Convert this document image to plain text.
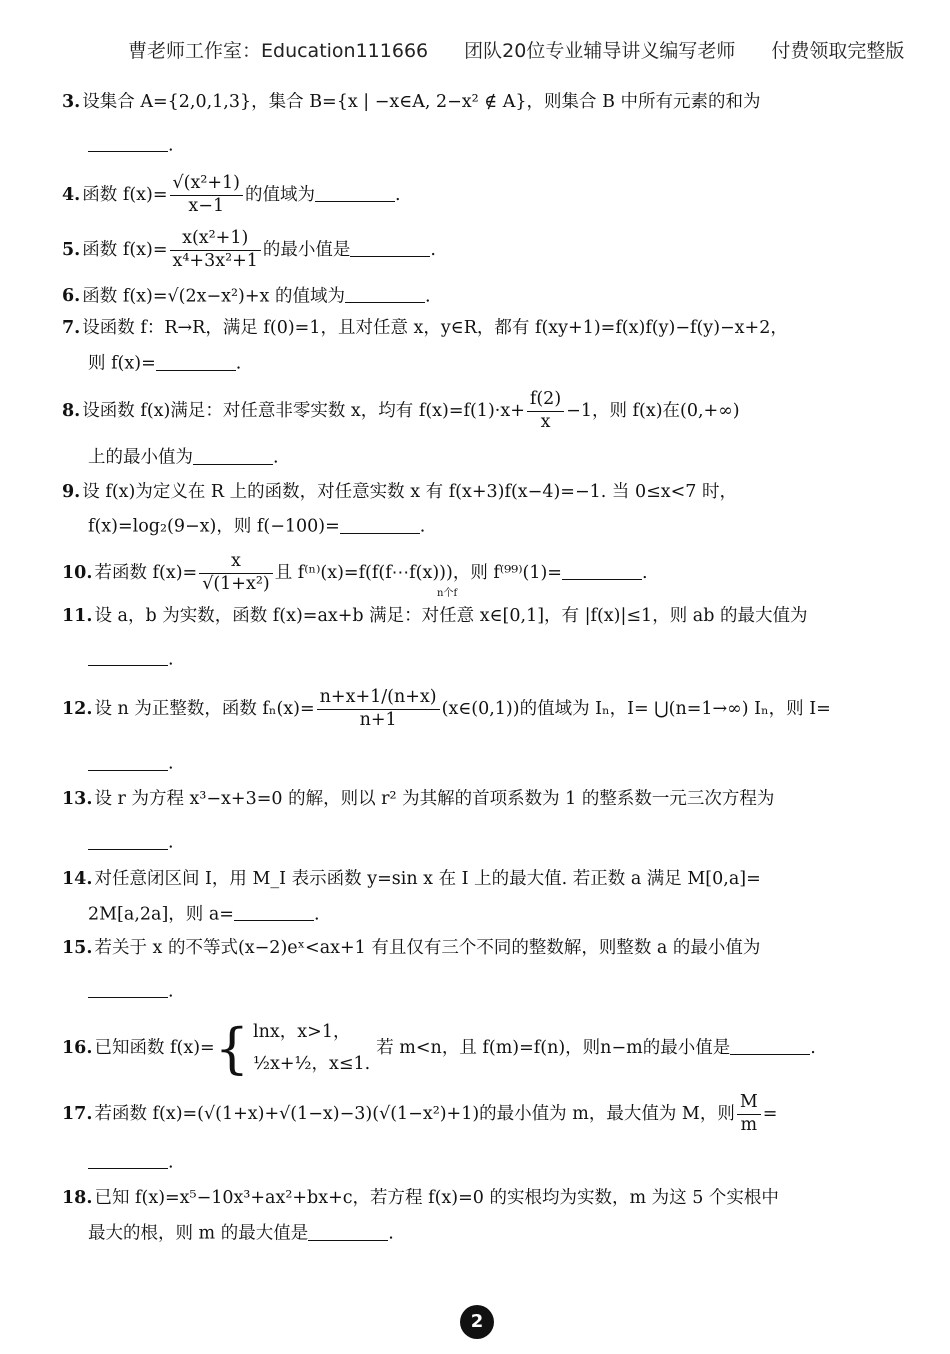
曹老师工作室：Education111666 团队20位专业辅导讲义编写老师 付费领取完整版
3. 设集合 A={2,0,1,3}，集合 B={x | −x∈A, 2−x² ∉ A}，则集合 B 中所有元素的和为
.
4. 函数 $f(x)= \frac{\text{√(x²+1)}}{x-1}$ 的值域为	.
5. 函数 $f(x)= \frac{\text{x(x²+1)}}{\text{x⁴+3x²+1}}$ 的最小值是	.
6. 函数 f(x)=√(2x−x²)+x 的值域为	.
7. 设函数 f：R→R，满足 f(0)=1，且对任意 x，y∈R，都有 f(xy+1)=f(x)f(y)−f(y)−x+2，
则 f(x)=	.
8. 设函数 f(x)满足：对任意非零实数 x，均有 $f(x)=f(1)\cdot x+ \frac{f(2)}{x} -1$，则 f(x)在(0,+∞)
上的最小值为	.
9. 设 f(x)为定义在 R 上的函数，对任意实数 x 有 f(x+3)f(x−4)=−1. 当 0≤x<7 时，
f(x)=log₂(9−x)，则 f(−100)=	.
10. 若函数 $f(x)= \frac{x}{\text{√(1+x²)}}$ 且 f⁽ⁿ⁾(x)=f(f(f⋯f(x)))，则 f⁽⁹⁹⁾(1)=	.
n个f
11. 设 a，b 为实数，函数 f(x)=ax+b 满足：对任意 x∈[0,1]，有 |f(x)|≤1，则 ab 的最大值为
.
12. 设 n 为正整数，函数 $f_n(x)= \frac{n+x+1/(n+x)}{n+1}$ (x∈(0,1))的值域为 Iₙ，I= ⋃(n=1→∞) Iₙ，则 I=
.
13. 设 r 为方程 x³−x+3=0 的解，则以 r² 为其解的首项系数为 1 的整系数一元三次方程为
.
14. 对任意闭区间 I，用 M_I 表示函数 y=sin x 在 I 上的最大值. 若正数 a 满足 M[0,a]=
2M[a,2a]，则 a=	.
15. 若关于 x 的不等式(x−2)eˣ<ax+1 有且仅有三个不同的整数解，则整数 a 的最小值为
.
16. 已知函数 f(x)={ lnx，x>1，
½x+½，x≤1.
若 m<n，且 f(m)=f(n)，则n−m的最小值是	.
17. 若函数 f(x)=(√(1+x)+√(1−x)−3)(√(1−x²)+1)的最小值为 m，最大值为 M，则 $\frac{M}{m}$ =
.
18. 已知 f(x)=x⁵−10x³+ax²+bx+c，若方程 f(x)=0 的实根均为实数，m 为这 5 个实根中
最大的根，则 m 的最大值是	.
2
